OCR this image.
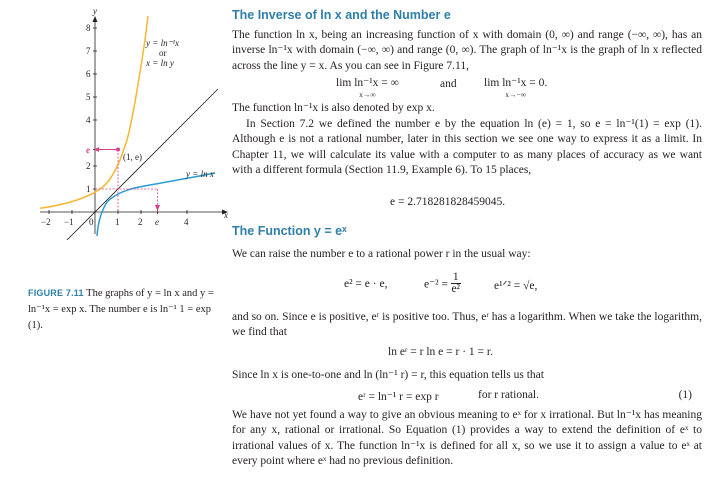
x
y
−2 −1 0 1 2 e	4
1
2
e
4
5
6
7
8
(1, e)
y = ln⁻¹x
or
x = ln y
y = ln x
FIGURE 7.11 The graphs of y = ln x and y = ln⁻¹x = exp x. The number e is ln⁻¹ 1 = exp (1).
The Inverse of ln x and the Number e

The function ln x, being an increasing function of x with domain (0, ∞) and range (−∞, ∞), has an inverse ln⁻¹x with domain (−∞, ∞) and range (0, ∞). The graph of ln⁻¹x is the graph of ln x reflected across the line y = x. As you can see in Figure 7.11,

lim ln⁻¹x = ∞
x→∞
and lim ln⁻¹x = 0.
x→−∞

The function ln⁻¹x is also denoted by exp x.

In Section 7.2 we defined the number e by the equation ln (e) = 1, so e = ln⁻¹(1) = exp (1). Although e is not a rational number, later in this section we see one way to express it as a limit. In Chapter 11, we will calculate its value with a computer to as many places of accuracy as we want with a different formula (Section 11.9, Example 6). To 15 places,

e = 2.718281828459045.
The Function y = eˣ

We can raise the number e to a rational power r in the usual way:

e² = e · e,	$e^{-2} = \frac{1}{\text{e²}}$	e¹ᐟ² = √e,

and so on. Since e is positive, eʳ is positive too. Thus, eʳ has a logarithm. When we take the logarithm, we find that

ln eʳ = r ln e = r · 1 = r.

Since ln x is one-to-one and ln (ln⁻¹ r) = r, this equation tells us that

eʳ = ln⁻¹ r = exp r	for r rational.	(1)

We have not yet found a way to give an obvious meaning to eˣ for x irrational. But ln⁻¹x has meaning for any x, rational or irrational. So Equation (1) provides a way to extend the definition of eˣ to irrational values of x. The function ln⁻¹x is defined for all x, so we use it to assign a value to eˣ at every point where eˣ had no previous definition.
